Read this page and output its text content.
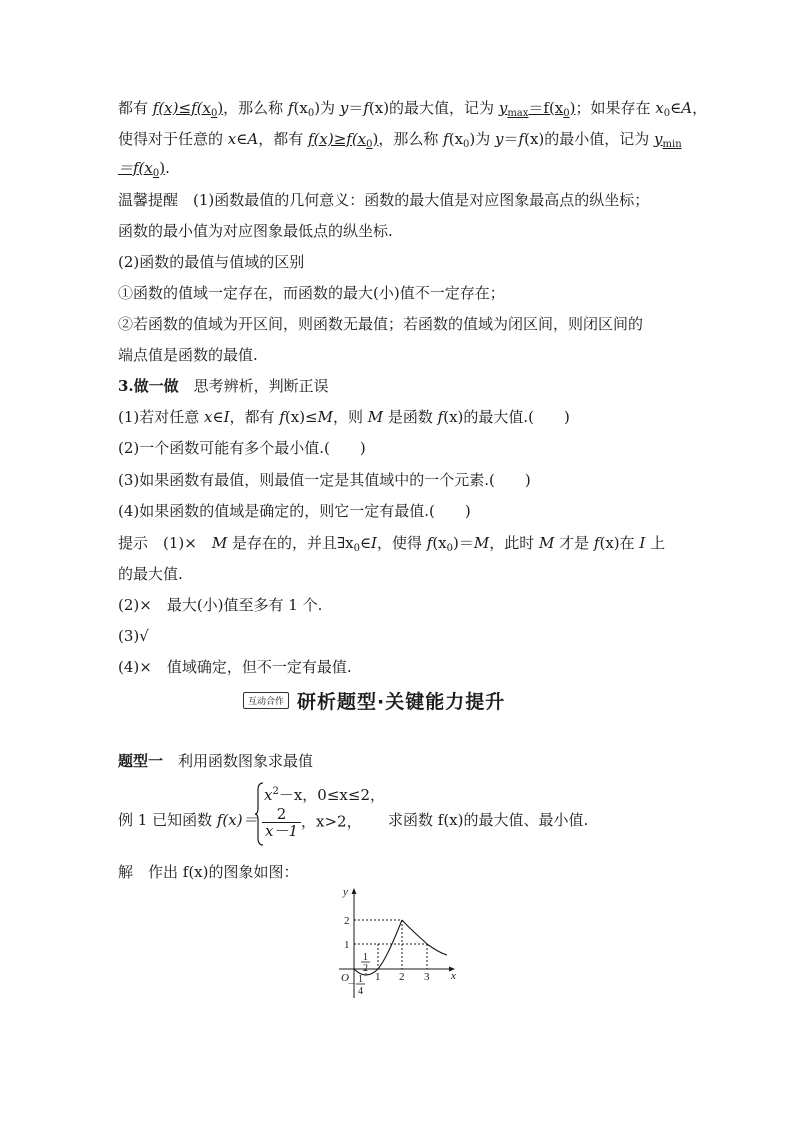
都有 $f(x)\le f(x_0)$，那么称 $f(x_0)$为 y＝f(x)的最大值，记为 $y_{max}=f(x_0)$；如果存在 $x_0\in A$，
使得对于任意的 x∈A，都有 $f(x)\ge f(x_0)$，那么称 $f(x_0)$为 y＝f(x)的最小值，记为 $y_{min}$
$=f(x_0)$.
温馨提醒　(1)函数最值的几何意义：函数的最大值是对应图象最高点的纵坐标；
函数的最小值为对应图象最低点的纵坐标.
(2)函数的最值与值域的区别
①函数的值域一定存在，而函数的最大(小)值不一定存在；
②若函数的值域为开区间，则函数无最值；若函数的值域为闭区间，则闭区间的
端点值是函数的最值.
3.做一做　思考辨析，判断正误
(1)若对任意 x∈I，都有 f(x)≤M，则 M 是函数 f(x)的最大值.(　　)
(2)一个函数可能有多个最小值.(　　)
(3)如果函数有最值，则最值一定是其值域中的一个元素.(　　)
(4)如果函数的值域是确定的，则它一定有最值.(　　)
提示　(1)×　M 是存在的，并且$\exists x_0\in I$，使得 $f(x_0)=M$，此时 M 才是 f(x)在 I 上
的最大值.
(2)×　最大(小)值至多有 1 个.
(3)√
(4)×　值域确定，但不一定有最值.
互动合作 研析题型·关键能力提升
题型一　 利用函数图象求最值
例 1 已知函数 f(x)＝
$x^2-x$，0≤x≤2，
$\frac{2}{x-1}$ ，x>2， 求函数 f(x)的最大值、最小值.
解　作出 f(x)的图象如图：
x
y
O 1 2 3
1
2
1
2
－ 1
4
